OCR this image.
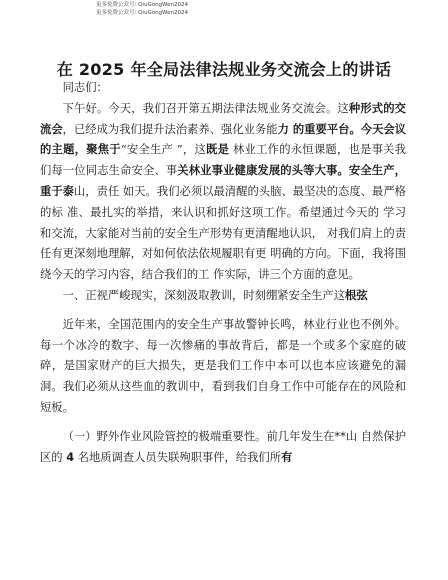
更多免费公众号: QiuGongWen2024
更多免费公众号: QiuGongWen2024
在 2025 年全局法律法规业务交流会上的讲话

同志们：

下午好。今天，我们召开第五期法律法规业务交流会。这种形式的交流会，已经成为我们提升法治素养、强化业务能力 的重要平台。今天会议的主题，聚焦于“安全生产 ”，这既是 林业工作的永恒课题，也是事关我们每一位同志生命安全、事关林业事业健康发展的头等大事。安全生产，重于泰山，责任 如天。我们必须以最清醒的头脑、最坚决的态度、最严格的标 准、最扎实的举措，来认识和抓好这项工作。希望通过今天的 学习和交流，大家能对当前的安全生产形势有更清醒地认识， 对我们肩上的责任有更深刻地理解，对如何依法依规履职有更 明确的方向。下面，我将围绕今天的学习内容，结合我们的工 作实际，讲三个方面的意见。

一、正视严峻现实，深刻汲取教训，时刻绷紧安全生产这根弦

近年来，全国范围内的安全生产事故警钟长鸣，林业行业也不例外。每一个冰冷的数字、每一次惨痛的事故背后，都是一个或多个家庭的破碎，是国家财产的巨大损失，更是我们工作中本可以也本应该避免的漏洞。我们必须从这些血的教训中，看到我们自身工作中可能存在的风险和短板。

（一）野外作业风险管控的极端重要性。前几年发生在**山 自然保护区的 4 名地质调查人员失联殉职事件，给我们所有
